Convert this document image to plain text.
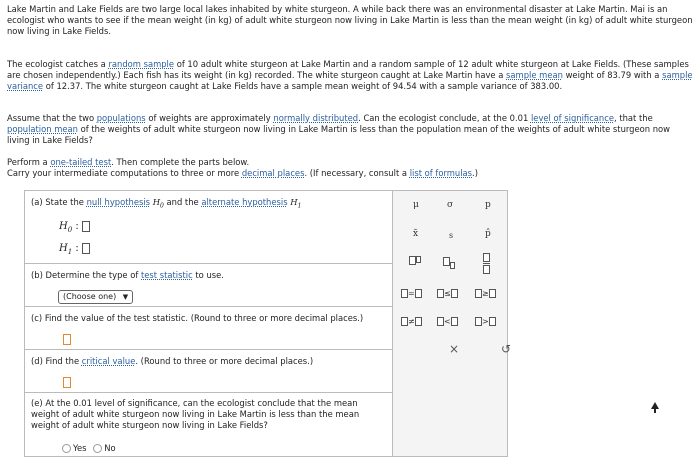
Lake Martin and Lake Fields are two large local lakes inhabited by white sturgeon. A while back there was an environmental disaster at Lake Martin. Mai is an ecologist who wants to see if the mean weight (in kg) of adult white sturgeon now living in Lake Martin is less than the mean weight (in kg) of adult white sturgeon now living in Lake Fields.
The ecologist catches a random sample of 10 adult white sturgeon at Lake Martin and a random sample of 12 adult white sturgeon at Lake Fields. (These samples are chosen independently.) Each fish has its weight (in kg) recorded. The white sturgeon caught at Lake Martin have a sample mean weight of 83.79 with a sample variance of 12.37. The white sturgeon caught at Lake Fields have a sample mean weight of 94.54 with a sample variance of 383.00.
Assume that the two populations of weights are approximately normally distributed. Can the ecologist conclude, at the 0.01 level of significance, that the population mean of the weights of adult white sturgeon now living in Lake Martin is less than the population mean of the weights of adult white sturgeon now living in Lake Fields?
Perform a one-tailed test. Then complete the parts below.
Carry your intermediate computations to three or more decimal places. (If necessary, consult a list of formulas.)
(a) State the null hypothesis $H_0$ and the alternate hypothesis $H_1$
$H_0$ :
$H_1$ :
(b) Determine the type of test statistic to use.
(Choose one) ▼
(c) Find the value of the test statistic. (Round to three or more decimal places.)
(d) Find the critical value. (Round to three or more decimal places.)
(e) At the 0.01 level of significance, can the ecologist conclude that the mean weight of adult white sturgeon now living in Lake Martin is less than the mean weight of adult white sturgeon now living in Lake Fields?
Yes No
μ	σ	p
x̄	s	p̂
=	≤	≥
≠	<	>
×	↺
